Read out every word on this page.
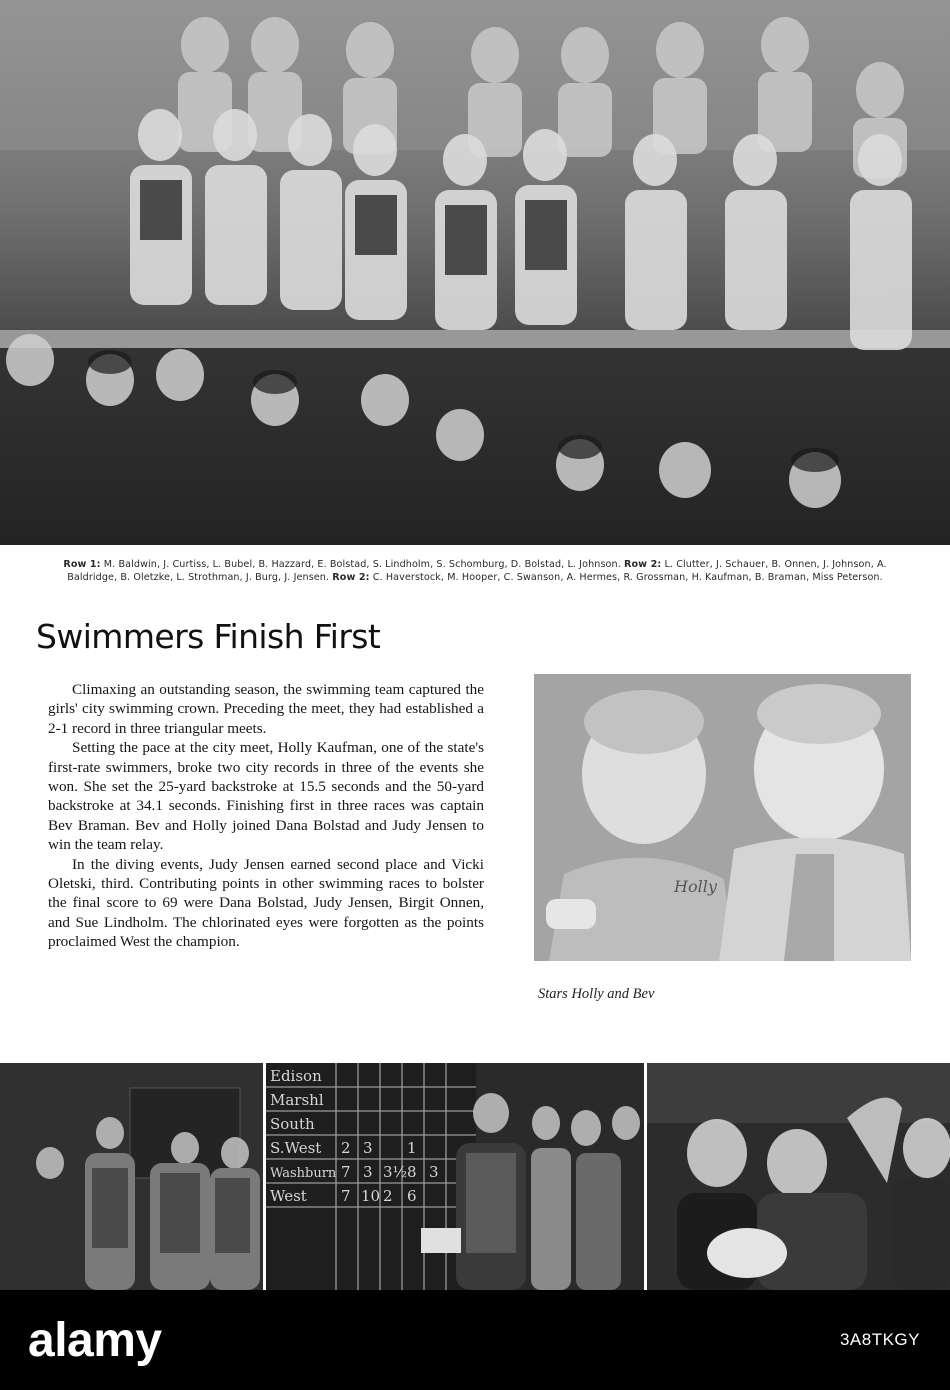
Row 1: M. Baldwin, J. Curtiss, L. Bubel, B. Hazzard, E. Bolstad, S. Lindholm, S. Schomburg, D. Bolstad, L. Johnson. Row 2: L. Clutter, J. Schauer, B. Onnen, J. Johnson, A. Baldridge, B. Oletzke, L. Strothman, J. Burg, J. Jensen. Row 2: C. Haverstock, M. Hooper, C. Swanson, A. Hermes, R. Grossman, H. Kaufman, B. Braman, Miss Peterson.
Swimmers Finish First

Climaxing an outstanding season, the swimming team captured the girls' city swimming crown. Preceding the meet, they had established a 2-1 record in three triangular meets.

Setting the pace at the city meet, Holly Kaufman, one of the state's first-rate swimmers, broke two city records in three of the events she won. She set the 25-yard backstroke at 15.5 seconds and the 50-yard backstroke at 34.1 seconds. Finishing first in three races was captain Bev Braman. Bev and Holly joined Dana Bolstad and Judy Jensen to win the team relay.

In the diving events, Judy Jensen earned second place and Vicki Oletski, third. Contributing points in other swimming races to bolster the final score to 69 were Dana Bolstad, Judy Jensen, Birgit Onnen, and Sue Lindholm. The chlorinated eyes were forgotten as the points proclaimed West the champion.

Holly
Stars Holly and Bev
Edison
Marshl
South
S.West
Washburn
West
2 3 1
7 3 3½ 8 3
7 10 2 6
alamy	3A8TKGY
